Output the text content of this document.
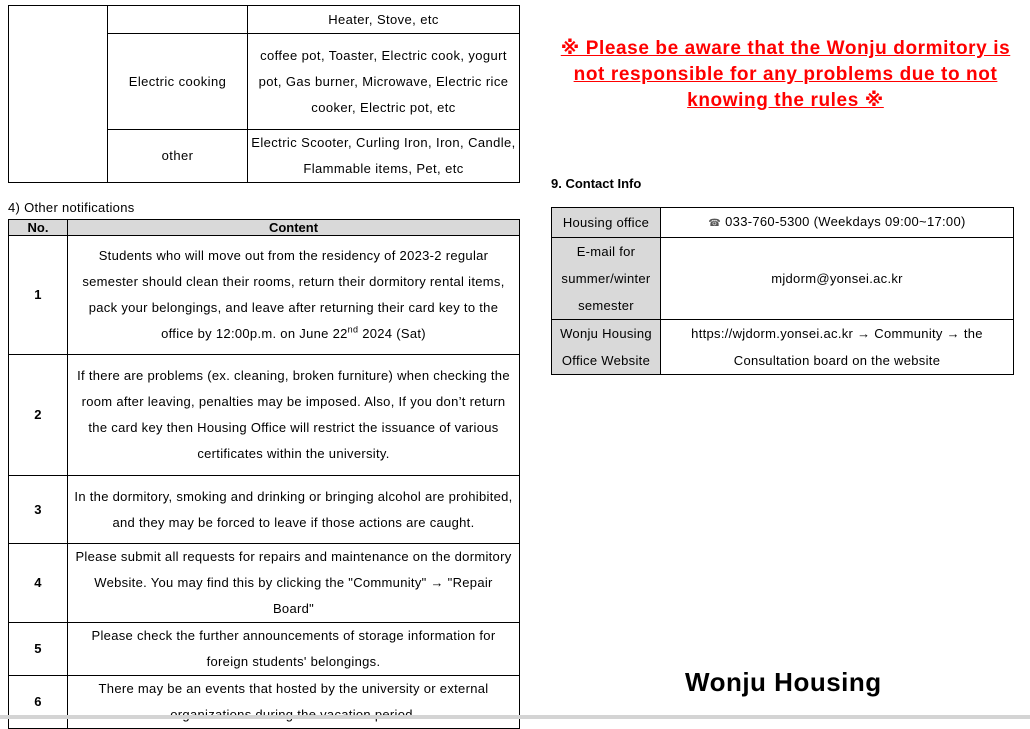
		Heater, Stove, etc
	Electric cooking	coffee pot, Toaster, Electric cook, yogurt pot, Gas burner, Microwave, Electric rice cooker, Electric pot, etc
	other	Electric Scooter, Curling Iron, Iron, Candle, Flammable items, Pet, etc
4) Other notifications
No.	Content
1	Students who will move out from the residency of 2023-2 regular semester should clean their rooms, return their dormitory rental items, pack your belongings, and leave after returning their card key to the office by 12:00p.m. on June 22nd 2024 (Sat)
2	If there are problems (ex. cleaning, broken furniture) when checking the room after leaving, penalties may be imposed. Also, If you don’t return the card key then Housing Office will restrict the issuance of various certificates within the university.
3	In the dormitory, smoking and drinking or bringing alcohol are prohibited, and they may be forced to leave if those actions are caught.
4	Please submit all requests for repairs and maintenance on the dormitory Website. You may find this by clicking the "Community" → "Repair Board"
5	Please check the further announcements of storage information for foreign students' belongings.
6	There may be an events that hosted by the university or external
※ Please be aware that the Wonju dormitory is not responsible for any problems due to not knowing the rules ※
9. Contact Info
Housing office	☎ 033-760-5300 (Weekdays 09:00~17:00)
E-mail for summer/winter semester	mjdorm@yonsei.ac.kr
Wonju Housing Office Website	https://wjdorm.yonsei.ac.kr → Community → the Consultation board on the website
Wonju Housing
